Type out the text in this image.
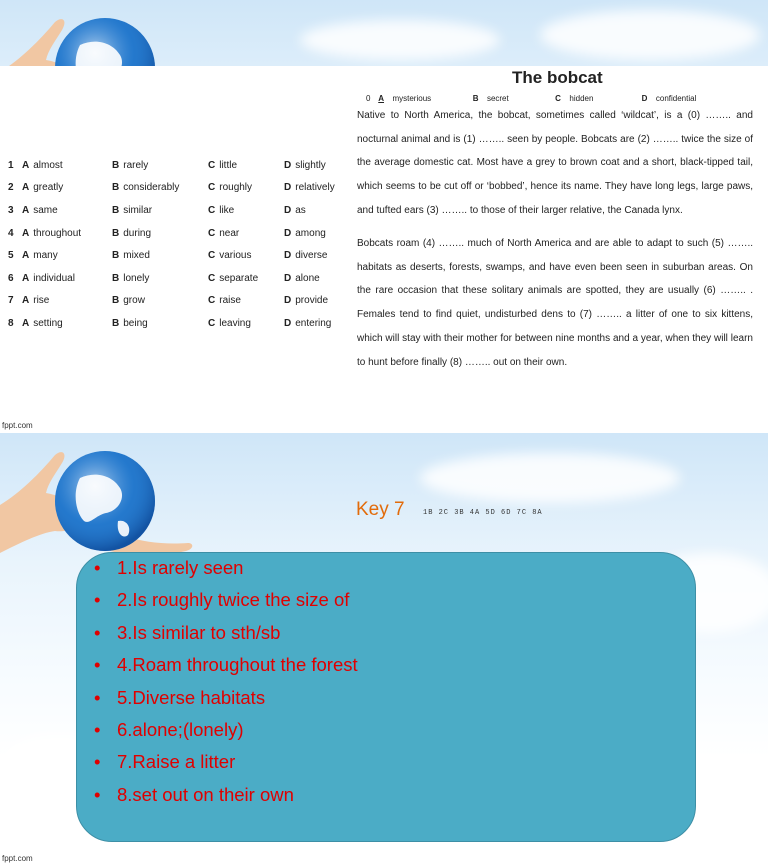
1	A almost	B rarely	C little	D slightly
2	A greatly	B considerably	C roughly	D relatively
3	A same	B similar	C like	D as
4	A throughout	B during	C near	D among
5	A many	B mixed	C various	D diverse
6	A individual	B lonely	C separate	D alone
7	A rise	B grow	C raise	D provide
8	A setting	B being	C leaving	D entering
The bobcat
0 A mysterious	B secret	C hidden	D confidential
Native to North America, the bobcat, sometimes called ‘wildcat’, is a (0) …….. and nocturnal animal and is (1) …….. seen by people. Bobcats are (2) …….. twice the size of the average domestic cat. Most have a grey to brown coat and a short, black-tipped tail, which seems to be cut off or ‘bobbed’, hence its name. They have long legs, large paws, and tufted ears (3) …….. to those of their larger relative, the Canada lynx.
Bobcats roam (4) …….. much of North America and are able to adapt to such (5) …….. habitats as deserts, forests, swamps, and have even been seen in suburban areas. On the rare occasion that these solitary animals are spotted, they are usually (6) …….. . Females tend to find quiet, undisturbed dens to (7) …….. a litter of one to six kittens, which will stay with their mother for between nine months and a year, when they will learn to hunt before finally (8) …….. out on their own.
fppt.com
Key 7	1B 2C 3B 4A 5D 6D 7C 8A
• 1.Is rarely seen
• 2.Is roughly twice the size of
• 3.Is similar to sth/sb
• 4.Roam throughout the forest
• 5.Diverse habitats
• 6.alone;(lonely)
• 7.Raise a litter
• 8.set out on their own
fppt.com
